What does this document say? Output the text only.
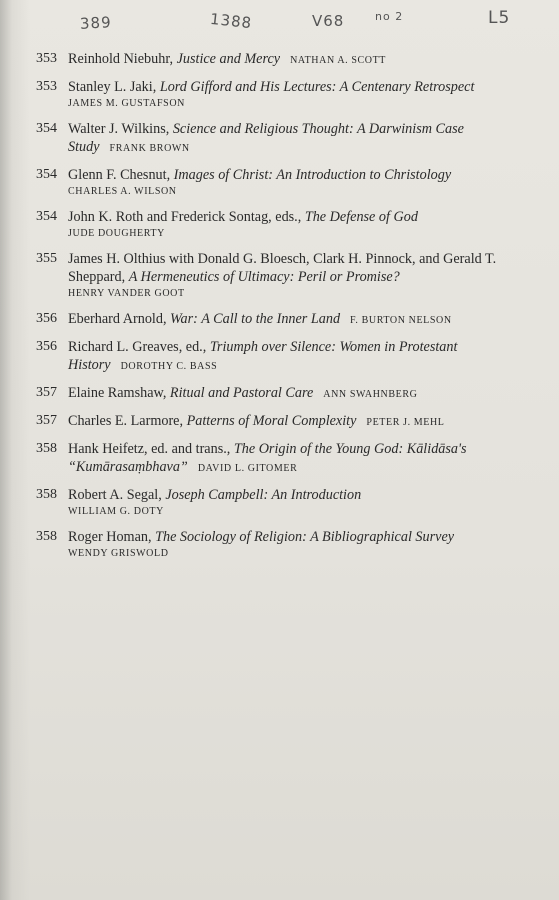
389	1388	V68	no 2	L5
353 Reinhold Niebuhr, Justice and Mercy NATHAN A. SCOTT
353 Stanley L. Jaki, Lord Gifford and His Lectures: A Centenary Retrospect
JAMES M. GUSTAFSON
354 Walter J. Wilkins, Science and Religious Thought: A Darwinism Case Study FRANK BROWN
354 Glenn F. Chesnut, Images of Christ: An Introduction to Christology
CHARLES A. WILSON
354 John K. Roth and Frederick Sontag, eds., The Defense of God
JUDE DOUGHERTY
355 James H. Olthius with Donald G. Bloesch, Clark H. Pinnock, and Gerald T. Sheppard, A Hermeneutics of Ultimacy: Peril or Promise?
HENRY VANDER GOOT
356 Eberhard Arnold, War: A Call to the Inner Land F. BURTON NELSON
356 Richard L. Greaves, ed., Triumph over Silence: Women in Protestant History DOROTHY C. BASS
357 Elaine Ramshaw, Ritual and Pastoral Care ANN SWAHNBERG
357 Charles E. Larmore, Patterns of Moral Complexity PETER J. MEHL
358 Hank Heifetz, ed. and trans., The Origin of the Young God: Kālidāsa's “Kumārasaṃbhava” DAVID L. GITOMER
358 Robert A. Segal, Joseph Campbell: An Introduction
WILLIAM G. DOTY
358 Roger Homan, The Sociology of Religion: A Bibliographical Survey
WENDY GRISWOLD
